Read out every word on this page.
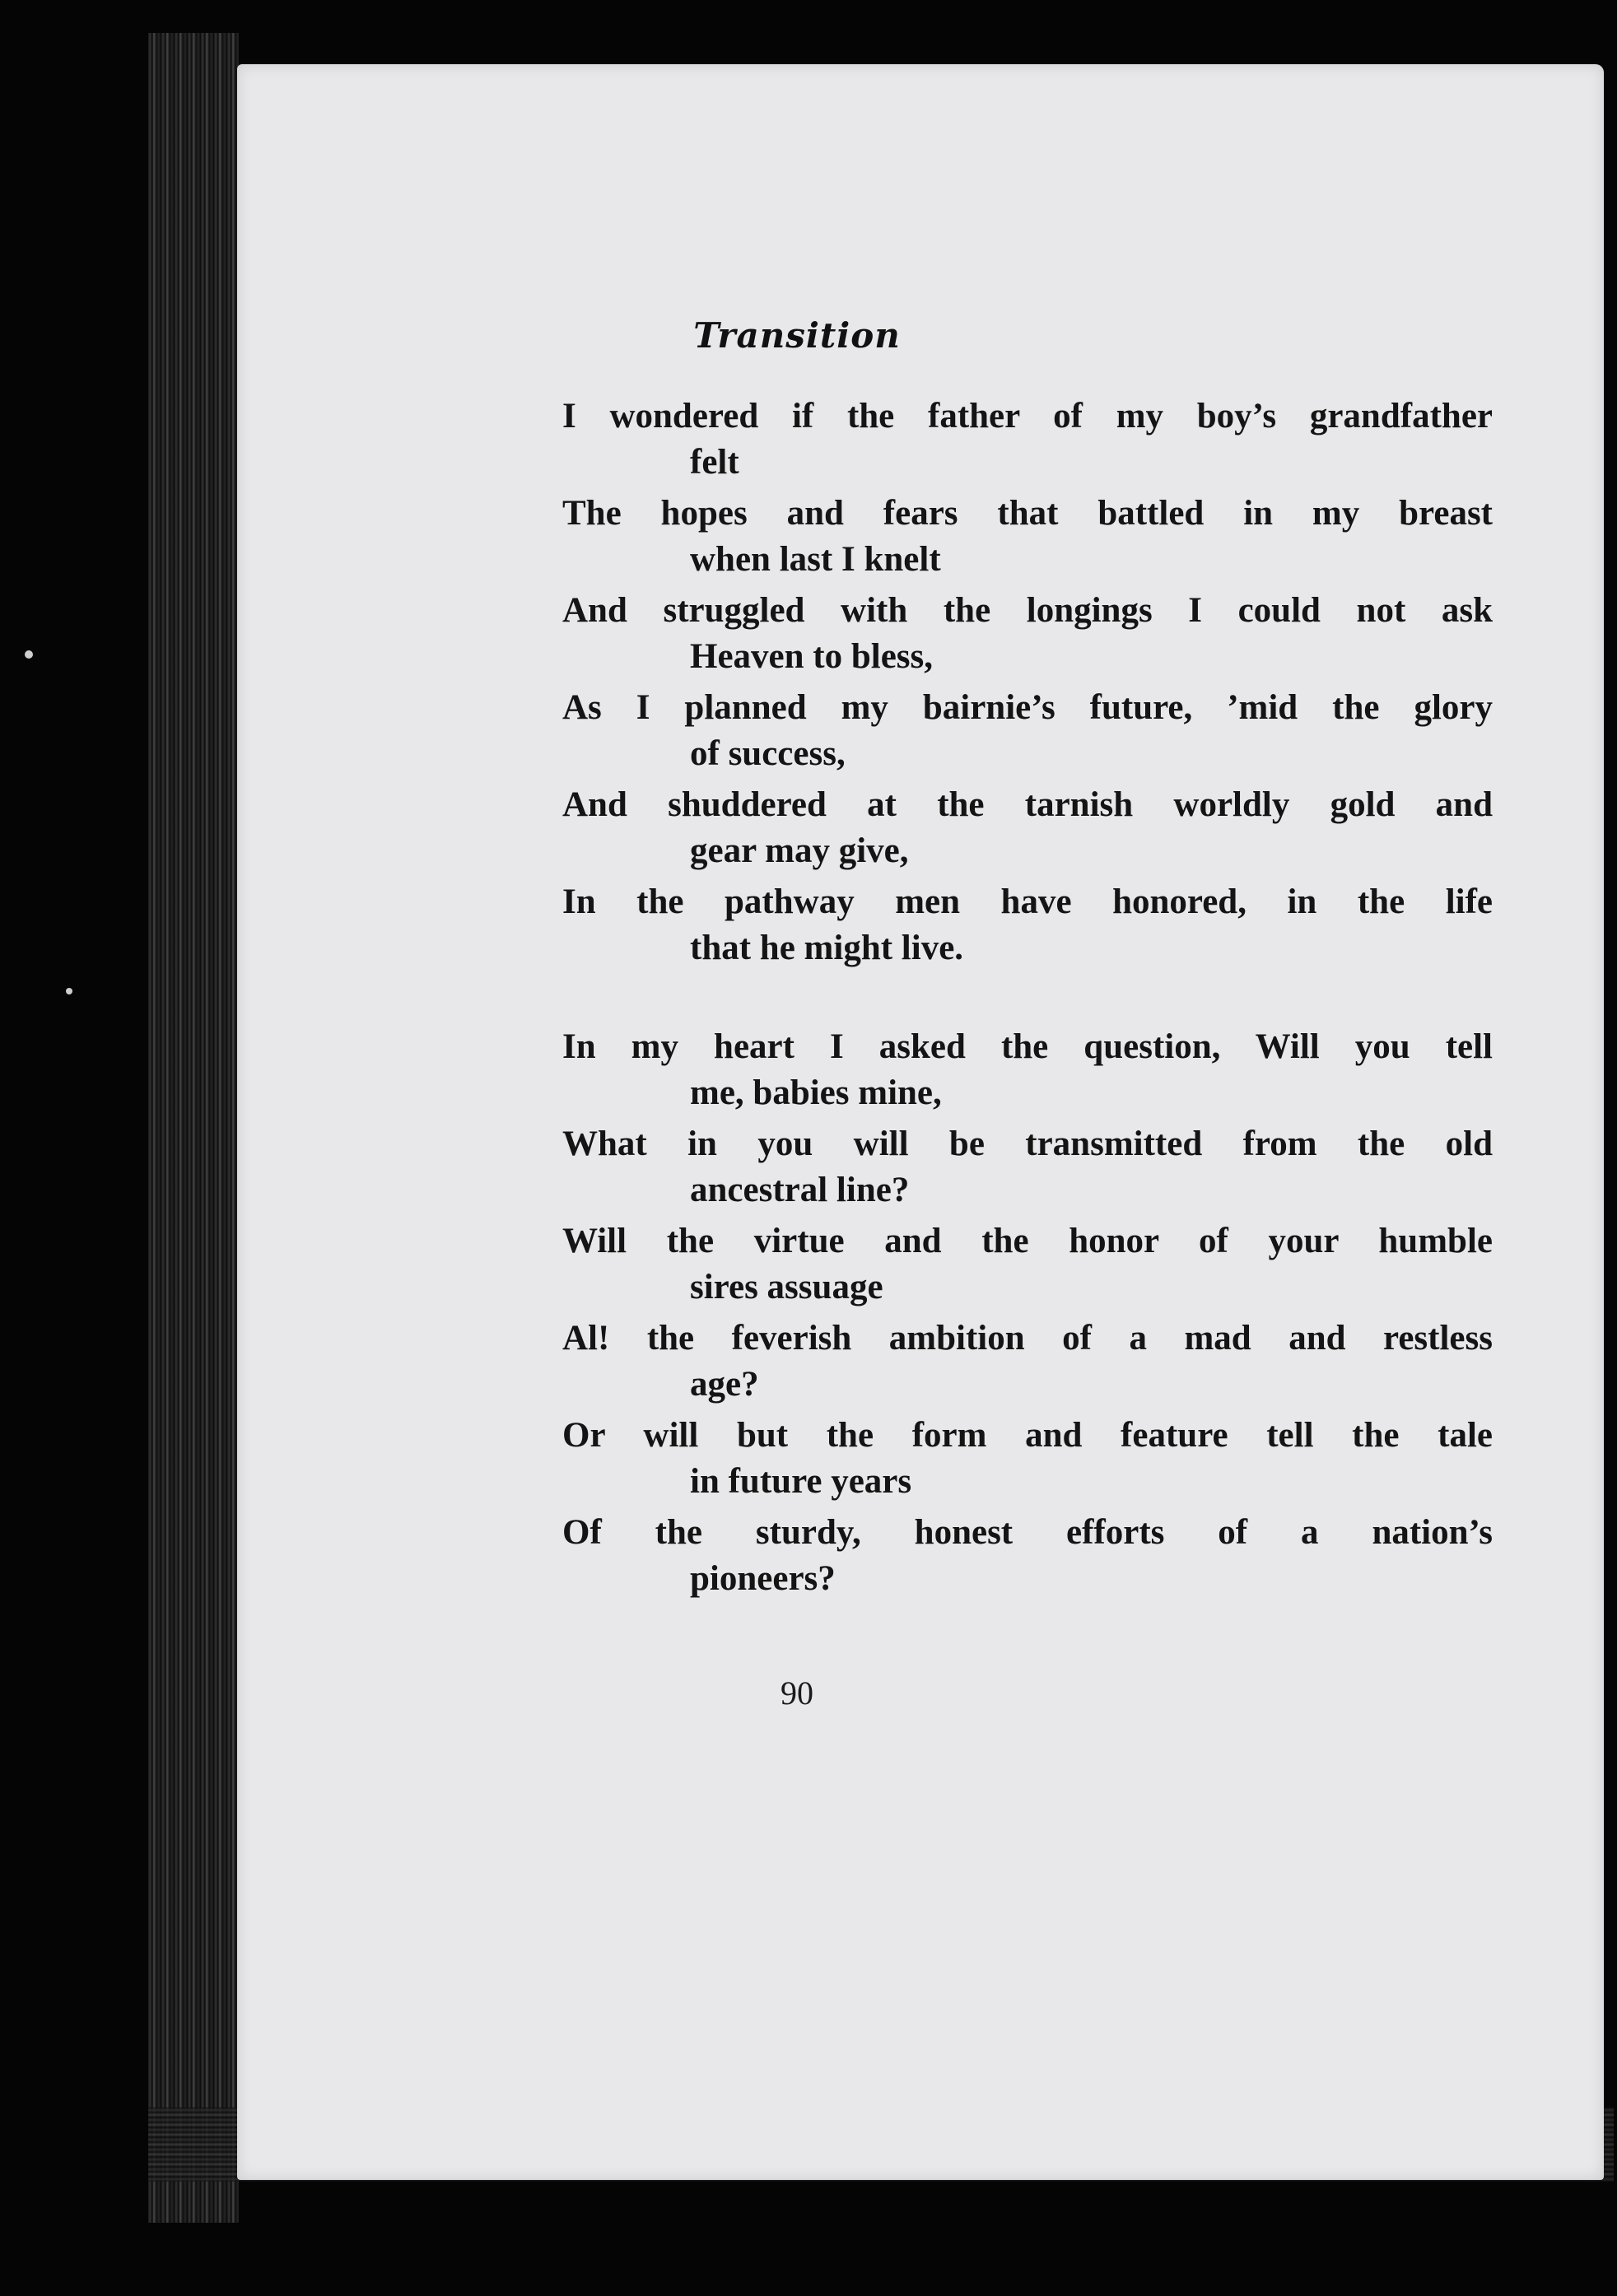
Transition

I wondered if the father of my boy’s grandfather

felt

The hopes and fears that battled in my breast

when last I knelt

And struggled with the longings I could not ask

Heaven to bless,

As I planned my bairnie’s future, ’mid the glory

of success,

And shuddered at the tarnish worldly gold and

gear may give,

In the pathway men have honored, in the life

that he might live.

In my heart I asked the question, Will you tell

me, babies mine,

What in you will be transmitted from the old

ancestral line?

Will the virtue and the honor of your humble

sires assuage

Al! the feverish ambition of a mad and restless

age?

Or will but the form and feature tell the tale

in future years

Of the sturdy, honest efforts of a nation’s

pioneers?

90
